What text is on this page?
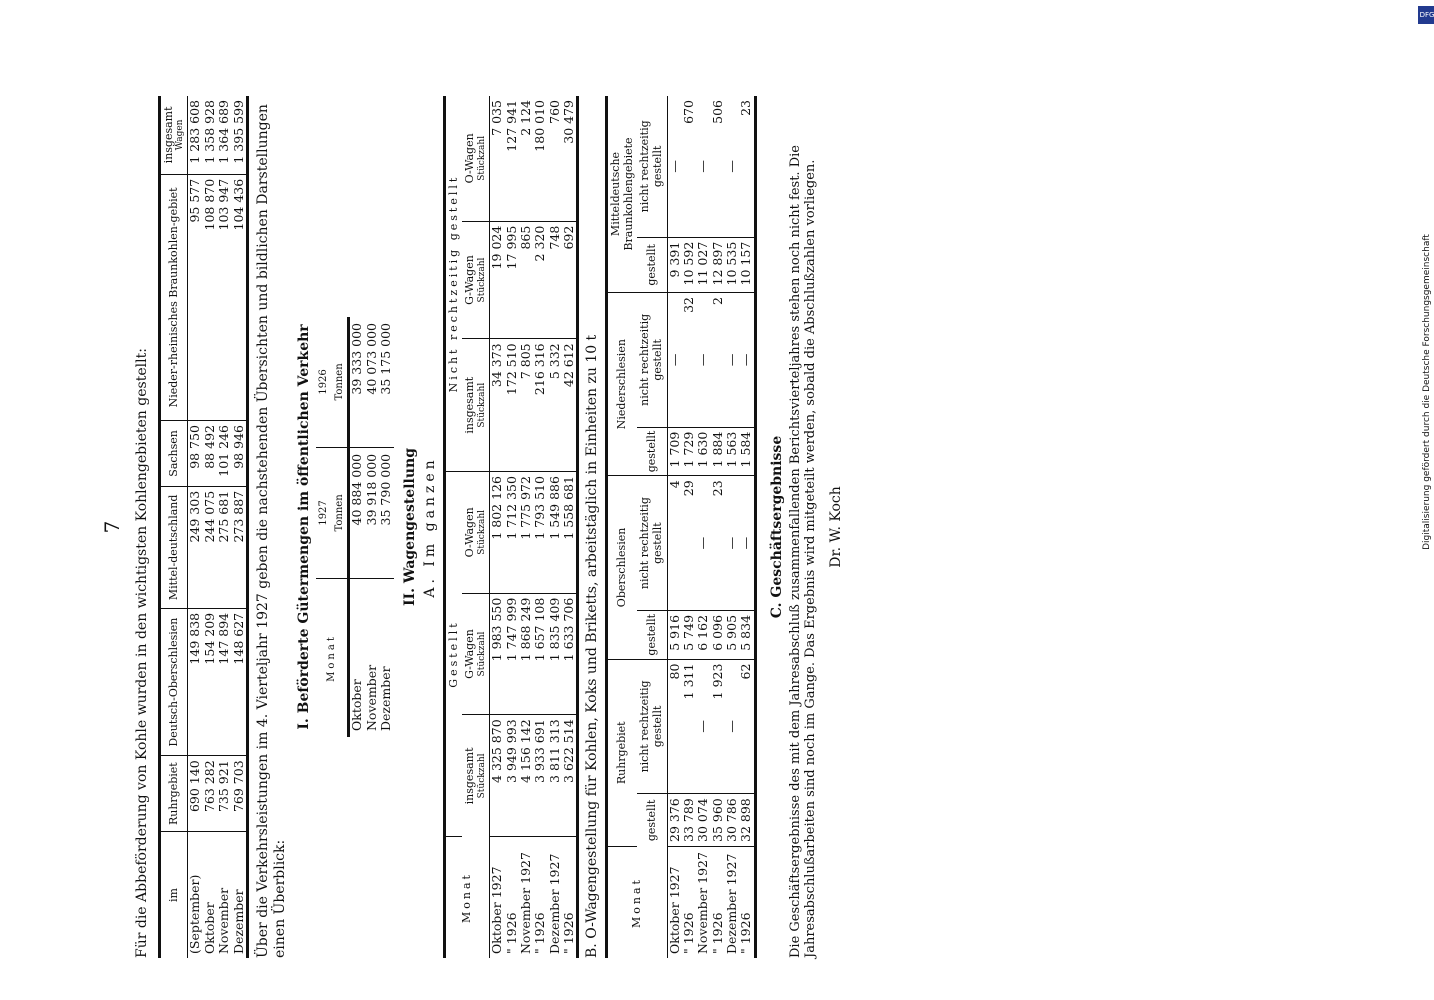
DFG
Digitalisierung gefördert durch die Deutsche Forschungsgemeinschaft
7 Für die Abbeförderung von Kohle wurden in den wichtigsten Kohlengebieten gestellt: im	Ruhrgebiet	Deutsch-Oberschlesien	Mittel-deutschland	Sachsen	Nieder-rheinisches Braunkohlen-gebiet	insgesamt Wagen

(September)	690 140	149 838	249 303	98 750	95 577	1 283 608
Oktober	763 282	154 209	244 075	88 492	108 870	1 358 928
November	735 921	147 894	275 681	101 246	103 947	1 364 689
Dezember	769 703	148 627	273 887	98 946	104 436	1 395 599 Über die Verkehrsleistungen im 4. Vierteljahr 1927 geben die nachstehenden Übersichten und bildlichen Darstellungen einen Überblick:

I. Beförderte Gütermengen im öffentlichen Verkehr Monat	1927	1926
	Tonnen	Tonnen
Oktober	40 884 000	39 333 000
November	39 918 000	40 073 000
Dezember	35 790 000	35 175 000
II. Wagengestellung A. Im ganzen
Monat	Gestellt			Nicht rechtzeitig gestellt		
	insgesamt Stückzahl	G-Wagen Stückzahl	O-Wagen Stückzahl	insgesamt Stückzahl	G-Wagen Stückzahl	O-Wagen Stückzahl

Oktober 1927	4 325 870	1 983 550	1 802 126	34 373	19 024	7 035
" 1926	3 949 993	1 747 999	1 712 350	172 510	17 995	127 941
November 1927	4 156 142	1 868 249	1 775 972	7 805	865	2 124
" 1926	3 933 691	1 657 108	1 793 510	216 316	2 320	180 010
Dezember 1927	3 811 313	1 835 409	1 549 886	5 332	748	760
" 1926	3 622 514	1 633 706	1 558 681	42 612	692	30 479
B. O-Wagengestellung für Kohlen, Koks und Briketts, arbeitstäglich in Einheiten zu 10 t	Monat	Ruhrgebiet		Oberschlesien		Niederschlesien		Mitteldeutsche Braunkohlengebiete	
	gestellt	nicht rechtzeitig gestellt	gestellt	nicht rechtzeitig gestellt	gestellt	nicht rechtzeitig gestellt	gestellt	nicht rechtzeitig gestellt
Oktober 1927	29 376	80	5 916	4	1 709	—	9 391	—
" 1926	33 789	1 311	5 749	29	1 729	32	10 592	670
November 1927	30 074	—	6 162	—	1 630	—	11 027	—
" 1926	35 960	1 923	6 096	23	1 884	2	12 897	506
Dezember 1927	30 786	—	5 905	—	1 563	—	10 535	—
" 1926	32 898	62	5 834	—	1 584	—	10 157	23
C. Geschäftsergebnisse Die Geschäftsergebnisse des mit dem Jahresabschluß zusammenfallenden Berichtsvierteljahres stehen noch nicht fest. Die Jahresabschlußarbeiten sind noch im Gange. Das Ergebnis wird mitgeteilt werden, sobald die Abschlußzahlen vorliegen. Dr. W. Koch
